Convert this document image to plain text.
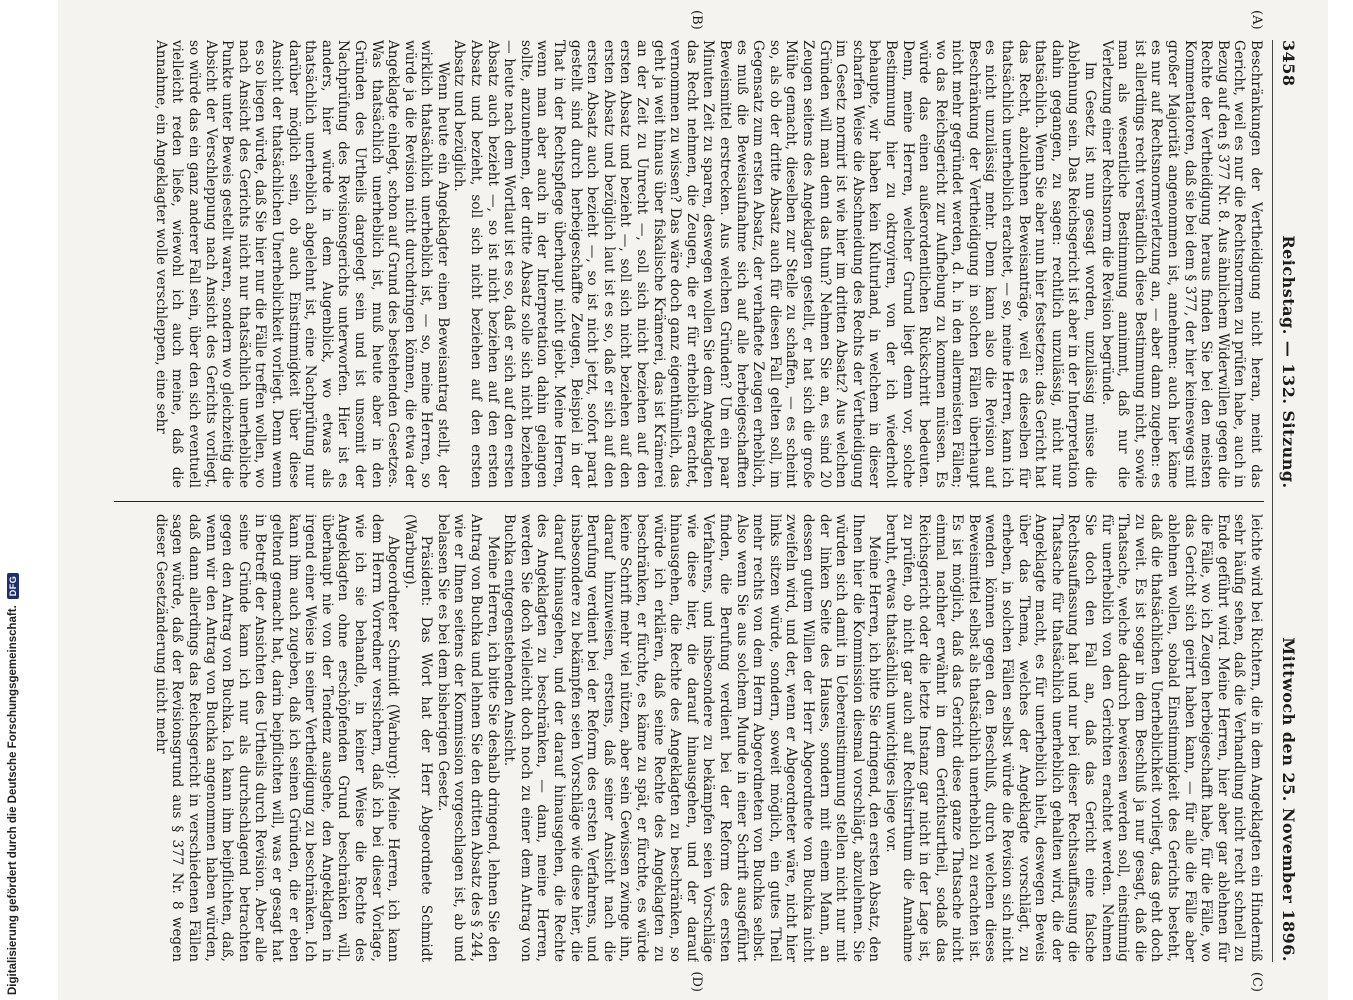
Digitalisierung gefördert durch die Deutsche Forschungsgemeinschaft.
DFG
3458
Reichstag. — 132. Sitzung.
Mittwoch den 25. November 1896.
(A)
(B)

Beschränkungen der Vertheidigung nicht heran, meint das Gericht, weil es nur die Rechtsnormen zu prüfen habe, auch in Bezug auf den § 377 Nr. 8. Aus ähnlichem Widerwillen gegen die Rechte der Vertheidigung heraus finden Sie bei den meisten Kommentatoren, daß sie bei dem § 377, der hier keineswegs mit großer Majorität angenommen ist, annehmen: auch hier käme es nur auf Rechtsnormverletzung an, — aber dann zugeben: es ist allerdings recht verständlich diese Bestimmung nicht, sowie man als wesentliche Bestimmung annimmt, daß nur die Verletzung einer Rechtsnorm die Revision begründe.

Im Gesetz ist nun gesagt worden, unzulässig müsse die Ablehnung sein. Das Reichsgericht ist aber in der Interpretation dahin gegangen, zu sagen: rechtlich unzulässig, nicht nur thatsächlich. Wenn Sie aber nun hier festsetzen: das Gericht hat das Recht, abzulehnen Beweisanträge, weil es dieselben für thatsächlich unerheblich erachtet, — so, meine Herren, kann ich es nicht unzulässig mehr. Denn kann also die Revision auf Beschränkung der Vertheidigung in solchen Fällen überhaupt nicht mehr gegründet werden, d. h. in den allermeisten Fällen; wo das Reichsgericht zur Aufhebung zu kommen müssen. Es würde das einen außerordentlichen Rückschritt bedeuten. Denn, meine Herren, welcher Grund liegt denn vor, solche Bestimmung hier zu oktroyiren, von der ich wiederholt behaupte, wir haben kein Kulturland, in welchem in dieser scharfen Weise die Abschneidung des Rechts der Vertheidigung im Gesetz normirt ist wie hier im dritten Absatz? Aus welchen Gründen will man denn das thun? Nehmen Sie an, es sind 20 Zeugen seitens des Angeklagten gestellt, er hat sich die große Mühe gemacht, dieselben zur Stelle zu schaffen, — es scheint so, als ob der dritte Absatz auch für diesen Fall gelten soll, im Gegensatz zum ersten Absatz, der verhaftete Zeugen erheblich, es muß die Beweisaufnahme sich auf alle herbeigeschafften Beweismittel erstrecken. Aus welchen Gründen? Um ein paar Minuten Zeit zu sparen, deswegen wollen Sie dem Angeklagten das Recht nehmen, die Zeugen, die er für erheblich erachtet, vernommen zu wissen? Das wäre doch ganz eigenthümlich, das geht ja weit hinaus über fiskalische Krämerei, das ist Krämerei an der Zeit zu Unrecht —, soll sich nicht beziehen auf den ersten Absatz und bezieht —, soll sich nicht beziehen auf den ersten Absatz und bezüglich laut ist es so, daß er sich auf den ersten Absatz auch bezieht —, so ist nicht jetzt, sofort parat gestellt sind durch herbeigeschaffte Zeugen, Beispiel in der That in der Rechtspflege überhaupt nicht giebt. Meine Herren, wenn man aber auch in der Interpretation dahin gelangen sollte, anzunehmen, der dritte Absatz solle sich nicht beziehen — heute nach dem Wortlaut ist es so, daß er sich auf den ersten Absatz auch bezieht —, so ist nicht beziehen auf den ersten Absatz und bezieht, soll sich nicht beziehen auf den ersten Absatz und bezüglich.

Wenn heute ein Angeklagter einen Beweisantrag stellt, der wirklich thatsächlich unerheblich ist, — so, meine Herren, so würde ja die Revision nicht durchdringen können, die etwa der Angeklagte einlegt, schon auf Grund des bestehenden Gesetzes. Was thatsächlich unerheblich ist, muß heute aber in den Gründen des Urtheils dargelegt sein und ist unsomit der Nachprüfung des Revisionsgerichts unterworfen. Hier ist es anders, hier würde in dem Augenblick, wo etwas als thatsächlich unerheblich abgelehnt ist, eine Nachprüfung nur darüber möglich sein, ob auch Einstimmigkeit über diese Ansicht der thatsächlichen Unerheblichkeit vorliegt. Denn wenn es so liegen würde, daß Sie hier nur die Fälle treffen wollen, wo nach Ansicht des Gerichts nicht nur thatsächlich unerhebliche Punkte unter Beweis gestellt waren, sondern wo gleichzeitig die Absicht der Verschleppung nach Ansicht des Gerichts vorliegt, so würde das ein ganz anderer Fall sein, über den sich eventuell vielleicht reden ließe, wiewohl ich auch meine, daß die Annahme, ein Angeklagter wolle verschleppen, eine sehr

(C)
(D)

leichte wird bei Richtern, die in dem Angeklagten ein Hinderniß sehr häufig sehen, daß die Verhandlung nicht recht schnell zu Ende geführt wird. Meine Herren, hier aber gar ablehnen für die Fälle, wo ich Zeugen herbeigeschafft habe, für die Fälle, wo das Gericht sich geirrt haben kann, — für alle die Fälle aber ablehnen wollen, sobald Einstimmigkeit des Gerichts besteht, daß die thatsächlichen Unerheblichkeit vorliegt, das geht doch zu weit. Es ist sogar in dem Beschluß ja nur gesagt, daß die Thatsache, welche dadurch bewiesen werden soll, einstimmig für unerheblich von den Gerichten erachtet werden. Nehmen Sie doch den Fall an, daß das Gericht eine falsche Rechtsauffassung hat und nur bei dieser Rechtsauffassung die Thatsache für thatsächlich unerheblich gehalten wird, die der Angeklagte macht, es für unerheblich hielt, deswegen Beweis über das Thema, welches der Angeklagte vorschlägt, zu erheben, in solchen Fällen selbst würde die Revision sich nicht wenden können gegen den Beschluß, durch welchen dieses Beweismittel selbst als thatsächlich unerheblich zu erachten ist. Es ist möglich, daß das Gericht diese ganze Thatsache nicht einmal nachher erwähnt in dem Gerichtsurtheil, sodaß das Reichsgericht oder die letzte Instanz gar nicht in der Lage ist, zu prüfen, ob nicht gar auch auf Rechtsirrthum die Annahme beruht, etwas thatsächlich unwichtiges liege vor.

Meine Herren, ich bitte Sie dringend, den ersten Absatz, den Ihnen hier die Kommission diesmal vorschlägt, abzulehnen. Sie würden sich damit in Uebereinstimmung stellen nicht nur mit der linken Seite des Hauses, sondern mit einem Mann, an dessen gutem Willen der Herr Abgeordnete von Buchka nicht zweifeln wird, und der, wenn er Abgeordneter wäre, nicht hier links sitzen würde, sondern, soweit möglich, ein gutes Theil mehr rechts von dem Herrn Abgeordneten von Buchka selbst. Also wenn Sie aus solchem Munde in einer Schrift ausgeführt finden, die Berufung verdient bei der Reform des ersten Verfahrens, und insbesondere zu bekämpfen seien Vorschläge wie diese hier, die darauf hinausgehen, und der darauf hinausgehen, die Rechte des Angeklagten zu beschränken, so würde ich erklären, daß seine Rechte des Angeklagten zu beschränken, er fürchte, es käme zu spät, er fürchte, es würde keine Schrift mehr viel nützen, aber sein Gewissen zwinge ihn, darauf hinzuweisen, erstens, daß seiner Ansicht nach die Berufung verdient bei der Reform des ersten Verfahrens, und insbesondere zu bekämpfen seien Vorschläge wie diese hier, die darauf hinausgehen, und der darauf hinausgehen, die Rechte des Angeklagten zu beschränken, — dann, meine Herren, werden Sie doch vielleicht doch noch zu einer dem Antrag von Buchka entgegenstehenden Ansicht.

Meine Herren, ich bitte Sie deshalb dringend, lehnen Sie den Antrag von Buchka und lehnen Sie den dritten Absatz des § 244, wie er Ihnen seitens der Kommission vorgeschlagen ist, ab und belassen Sie es bei dem bisherigen Gesetz.

Präsident: Das Wort hat der Herr Abgeordnete Schmidt (Warburg).

Abgeordneter Schmidt (Warburg): Meine Herren, ich kann dem Herrn Vorredner versichern, daß ich bei dieser Vorlage, wie ich sie behandle, in keiner Weise die Rechte des Angeklagten ohne erschöpfenden Grund beschränken will, überhaupt nie von der Tendenz ausgehe, den Angeklagten in irgend einer Weise in seiner Vertheidigung zu beschränken. Ich kann ihm auch zugeben, daß ich seinen Gründen, die er eben geltend gemacht hat, darin beipflichten will, was er gesagt hat in Betreff der Ansichten des Urtheils durch Revision. Aber alle seine Gründe kann ich nur als durchschlagend betrachten gegen den Antrag von Buchka. Ich kann ihm beipflichten, daß, wenn wir den Antrag von Buchka angenommen haben würden, daß dann allerdings das Reichsgericht in verschiedenen Fällen sagen würde, daß der Revisionsgrund aus § 377 Nr. 8 wegen dieser Gesetzänderung nicht mehr
